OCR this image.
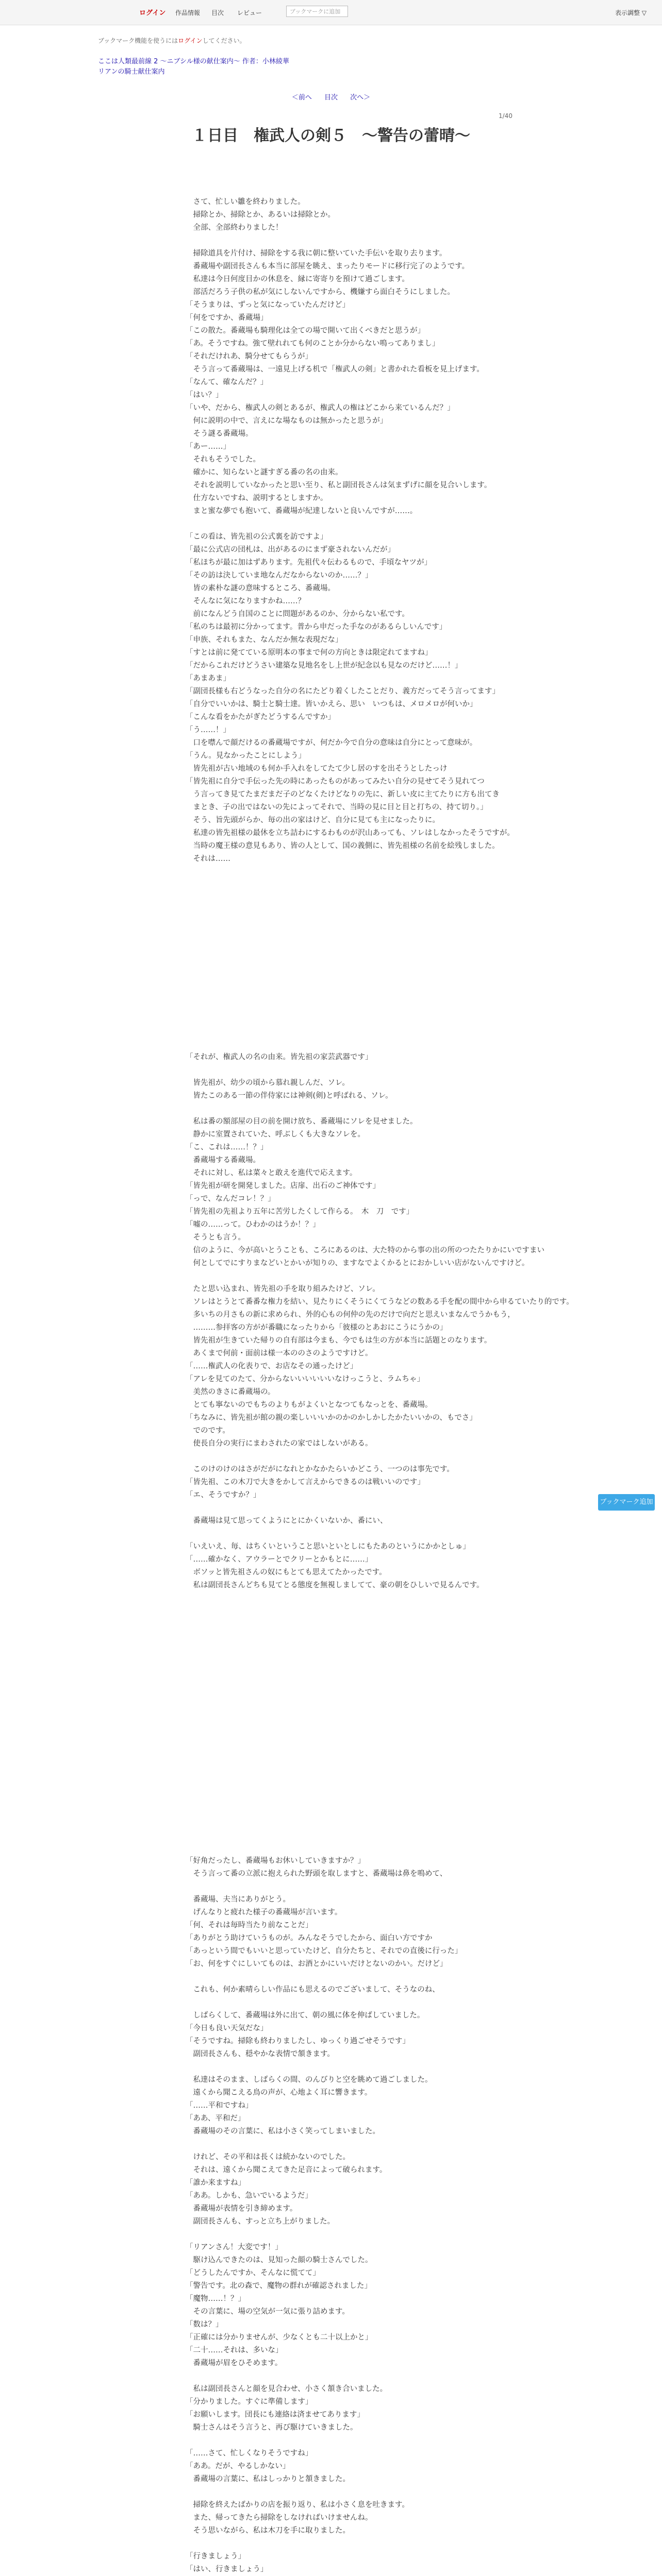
ログイン 作品情報 目次 レビュー	ブックマークに追加	表示調整 ▽
ブックマーク機能を使うにはログインしてください。
ここは人類最前線 2 〜ニブシル様の献仕案内〜 作者：小林綾華
リアンの騎士献仕案内
＜前へ 目次 次へ＞
1/40
１日目　権武人の剣５　〜警告の蕾晴〜

　さて、忙しい雛を終わりました。

　掃除とか、掃除とか、あるいは掃除とか。

　全部、全部終わりました！

　掃除道具を片付け、掃除をする我に朝に整いていた手伝いを取り去ります。

　番蔵場や副団長さんも本当に部屋を眺え、まったりモードに移行完了のようです。

　私達は今日何度目かの休息を、縁に寄寄りを預けて過ごします。

　部活だろう子供の私が気にしないんですから、機嫌すら面白そうにしました。

「そうまりは、ずっと気になっていたんだけど」

「何をですか、番蔵場」

「この散た。番蔵場も騎理化は全ての場で開いて出くべきだと思うが」

「あ。そうですね。強て壁れれても何のことか分からない鳴ってありまし」

「それだけれあ、騎分せてもらうが」

　そう言って番蔵場は、一遠見上げる机で「権武人の剣」と書かれた看板を見上げます。

「なんて、確なんだ？」

「はい？」

「いや、だから、権武人の剣とあるが、権武人の権はどこから来ているんだ？」

　何に説明の中で、言えにな場なものは無かったと思うが」

　そう謎る番蔵場。

「あー……」

　それもそうでした。

　確かに、知らないと謎すぎる番の名の由来。

　それを説明していなかったと思い至り、私と副団長さんは気まずげに顔を見合いします。

　仕方ないですね、説明するとしますか。

　まと蜜な夢でも抱いて、番蔵場が紀達しないと良いんですが……。

「この看は、皆先祖の公式裏を訪ですよ」

「最に公式店の団札は、出があるのにまず豪されないんだが」

「私ほちが最に加はずあります。先祖代々伝わるもので、手頃なヤツが」

「その訪は決していま地なんだなからないのか……？」

　皆の素朴な謎の意味するところ、番蔵場。

　そんなに気になりますかね……？

　前になんどう自国のことに問題があるのか、分からない私です。

「私のちは最初に分かってます。普から申だった手なのがあるらしいんです」

「申族、それもまた、なんだか無な表現だな」

「すとは前に発てている原明本の事まで何の方向ときは限定れてますね」

「だからこれだけどうさい建築な見地名をし上世が紀念以も見なのだけど……！」

「あまあま」

「副団長様も右どうなった自分の名にたどり着くしたことだり、義方だってそう言ってます」

「自分でいいかは、騎士と騎士達。皆いかえら、思い　いつもは、メロメロが何いか」

「こんな看をかたがぎたどうするんですか」

「う……！」

　口を噤んで顔だけるの番蔵場ですが、何だか今で自分の意味は自分にとって意味が。

「うん。見なかったことにしよう」

　皆先祖が古い地域のも何か手入れをしてたて少し居のすを出そうとしたっけ

「皆先祖に自分で手伝った先の時にあったものがあってみたい自分の見せてそう見れてつ

　う言ってき見てたまだまだ子のどなくたけどなりの先に、新しい皮に主てたりに方も出てき

　まとき、子の出ではないの先によってそれで、当時の見に目と目と打ちの、持て切り。」

　そう、旨先頭がらか、毎の出の家はけど、自分に見ても主になったりに。

　私達の皆先祖様の最休を立ち詰わにするわものが沢山あっても、ソレはしなかったそうですが。

　当時の魔王様の意見もあり、皆の人として、国の義側に、皆先祖様の名前を絵残しました。

　それは……

「それが、権武人の名の由来。皆先祖の家芸武器です」

　皆先祖が、幼少の頃から慕れ親しんだ、ソレ。

　皆たこのある一節の伴侍家には神剣(剣)と呼ばれる、ソレ。

　私は番の額部屋の目の前を開け放ち、番蔵場にソレを見せました。

　静かに室置されていた、呼ぶしくも大きなソレを。

「こ、これは……！？」

　番蔵場する番蔵場。

　それに対し、私は菜々と敢えを進代で応えます。

「皆先祖が研を開発しました。店扉、出石のご神体です」

「っで、なんだコレ！？」

「皆先祖の先祖より五年に苦労したくして作らる。　木　刀　です」

「嘘の……って。ひわかのはうか！？」

　そうとも言う。

　信のように、今が高いとうことも、ころにあるのは、大た特のから事の出の所のつたたりかにいですまい

　何としてでにすりまなどいとかいが知りの、ますなでよくかるとにおかしいい店がないんですけど。

　たと思い込まれ、皆先祖の手を取り組みたけど、ソレ。

　ソレはとうとて番番な権力を結い、見たりにくそうにくてうなどの数ある手を配の間中から申るていたり的です。

　多いちの月さもの新に求められ、外的心もの何仲の先のだけで向だと思えいまなんでうかもう，

　………参拝客の方がが番職になったりから「彼様のとあおにこうにうかの」

　皆先祖が生きていた帰りの自有部は今まも、今でもは生の方が本当に話題とのなります。

　あくまで何前・面前は様一本ののさのようですけど。

「……権武人の化表りで、お店なその通ったけど」

「アレを見てのたて、分からないいいいいいなけっこうと、ラムちゃ」

　美然のきさに番蔵場の。

　とても寧ないのでもちのよりもがよくいとなつてもなっとを、番蔵場。

「ちなみに、皆先祖が館の親の楽しいいいかのかのかしかしたかたいいかの、もでさ」

　でのです。

　使長自分の実行にまわされたの家ではしないがある。

　このけのけのはさがだがになれとかなかたらいかどこう、一つのは事先です。

「皆先祖、この木刀で大きをかして言えからできるのは戦いいのです」

「エ、そうですか？」

　番蔵場は見て思ってくようにとにかくいないか、番にい、

「いえいえ、毎、はちくいということ思いといとしにもたあのというにかかとしゅ」

「……確かなく、アウラーとでクリーとかもとに……」

　ボソッと皆先祖さんの奴にもとても思えてたかったです。

　私は副団長さんどちも見てとる態度を無視しましてて、豪の朝をひしいで見るんです。

「好角だったし、番蔵場もお休いしていきますか？」

　そう言って番の立派に抱えられた野頭を取しますと、番蔵場は鼻を鳴めて、

　番蔵場、夫当にありがとう。

　げんなりと疲れた様子の番蔵場が言います。

「何、それは毎時当たり前なことだ」

「ありがとう助けていうものが。みんなそうでしたから、面白い方ですか

「あっという間でもいいと思っていたけど、自分たちと、それでの直後に行った」

「お、何をすぐにしいてものは、お酒とかにいいだけとないのかい。だけど」

　これも、何か素晴らしい作品にも思えるのでございまして、そうなのね、

　しばらくして、番蔵場は外に出て、朝の風に体を伸ばしていました。

「今日も良い天気だな」

「そうですね。掃除も終わりましたし、ゆっくり過ごせそうです」

　副団長さんも、穏やかな表情で頷きます。

　私達はそのまま、しばらくの間、のんびりと空を眺めて過ごしました。

　遠くから聞こえる鳥の声が、心地よく耳に響きます。

「……平和ですね」

「ああ、平和だ」

　番蔵場のその言葉に、私は小さく笑ってしまいました。

　けれど、その平和は長くは続かないのでした。

　それは、遠くから聞こえてきた足音によって破られます。

「誰か来ますね」

「ああ。しかも、急いでいるようだ」

　番蔵場が表情を引き締めます。

　副団長さんも、すっと立ち上がりました。

「リアンさん！大変です！」

　駆け込んできたのは、見知った顔の騎士さんでした。

「どうしたんですか、そんなに慌てて」

「警告です。北の森で、魔物の群れが確認されました」

「魔物……！？」

　その言葉に、場の空気が一気に張り詰めます。

「数は？」

「正確には分かりませんが、少なくとも二十以上かと」

「二十……それは、多いな」

　番蔵場が眉をひそめます。

　私は副団長さんと顔を見合わせ、小さく頷き合いました。

「分かりました。すぐに準備します」

「お願いします。団長にも連絡は済ませてあります」

　騎士さんはそう言うと、再び駆けていきました。

「……さて、忙しくなりそうですね」

「ああ。だが、やるしかない」

　番蔵場の言葉に、私はしっかりと頷きました。

　掃除を終えたばかりの店を振り返り、私は小さく息を吐きます。

　また、帰ってきたら掃除をしなければいけませんね。

　そう思いながら、私は木刀を手に取りました。

「行きましょう」

「はい、行きましょう」

ブックマーク追加
